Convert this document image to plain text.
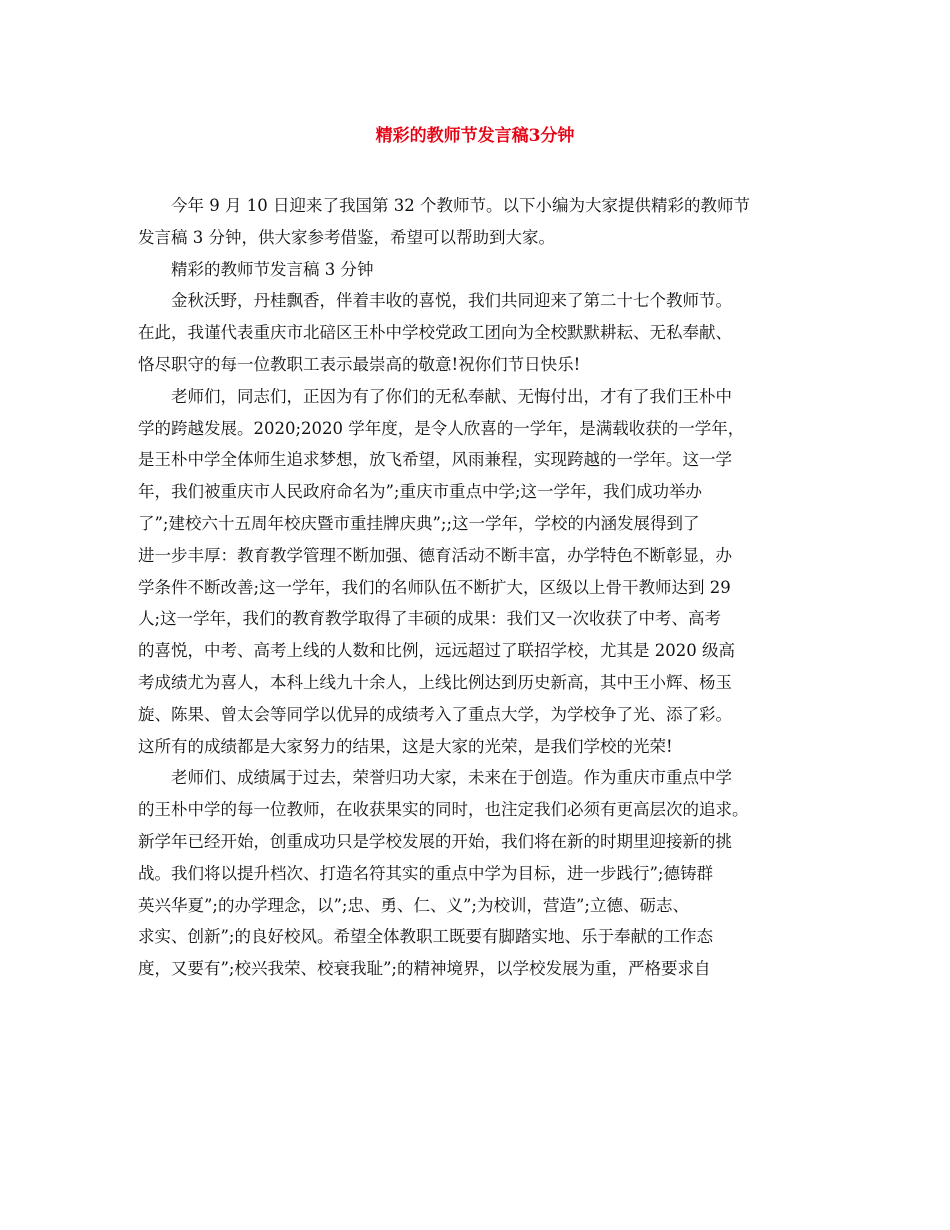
精彩的教师节发言稿3分钟
今年 9 月 10 日迎来了我国第 32 个教师节。以下小编为大家提供精彩的教师节
发言稿 3 分钟，供大家参考借鉴，希望可以帮助到大家。
精彩的教师节发言稿 3 分钟
金秋沃野，丹桂飘香，伴着丰收的喜悦，我们共同迎来了第二十七个教师节。
在此，我谨代表重庆市北碚区王朴中学校党政工团向为全校默默耕耘、无私奉献、
恪尽职守的每一位教职工表示最崇高的敬意!祝你们节日快乐!
老师们，同志们，正因为有了你们的无私奉献、无悔付出，才有了我们王朴中
学的跨越发展。2020;2020 学年度，是令人欣喜的一学年，是满载收获的一学年，
是王朴中学全体师生追求梦想，放飞希望，风雨兼程，实现跨越的一学年。这一学
年，我们被重庆市人民政府命名为”;重庆市重点中学;这一学年，我们成功举办
了”;建校六十五周年校庆暨市重挂牌庆典”;;这一学年，学校的内涵发展得到了
进一步丰厚：教育教学管理不断加强、德育活动不断丰富，办学特色不断彰显，办
学条件不断改善;这一学年，我们的名师队伍不断扩大，区级以上骨干教师达到 29
人;这一学年，我们的教育教学取得了丰硕的成果：我们又一次收获了中考、高考
的喜悦，中考、高考上线的人数和比例，远远超过了联招学校，尤其是 2020 级高
考成绩尤为喜人，本科上线九十余人，上线比例达到历史新高，其中王小辉、杨玉
旋、陈果、曾太会等同学以优异的成绩考入了重点大学，为学校争了光、添了彩。
这所有的成绩都是大家努力的结果，这是大家的光荣，是我们学校的光荣!
老师们、成绩属于过去，荣誉归功大家，未来在于创造。作为重庆市重点中学
的王朴中学的每一位教师，在收获果实的同时，也注定我们必须有更高层次的追求。
新学年已经开始，创重成功只是学校发展的开始，我们将在新的时期里迎接新的挑
战。我们将以提升档次、打造名符其实的重点中学为目标，进一步践行”;德铸群
英兴华夏”;的办学理念，以”;忠、勇、仁、义”;为校训，营造”;立德、砺志、
求实、创新”;的良好校风。希望全体教职工既要有脚踏实地、乐于奉献的工作态
度，又要有”;校兴我荣、校衰我耻”;的精神境界，以学校发展为重，严格要求自
